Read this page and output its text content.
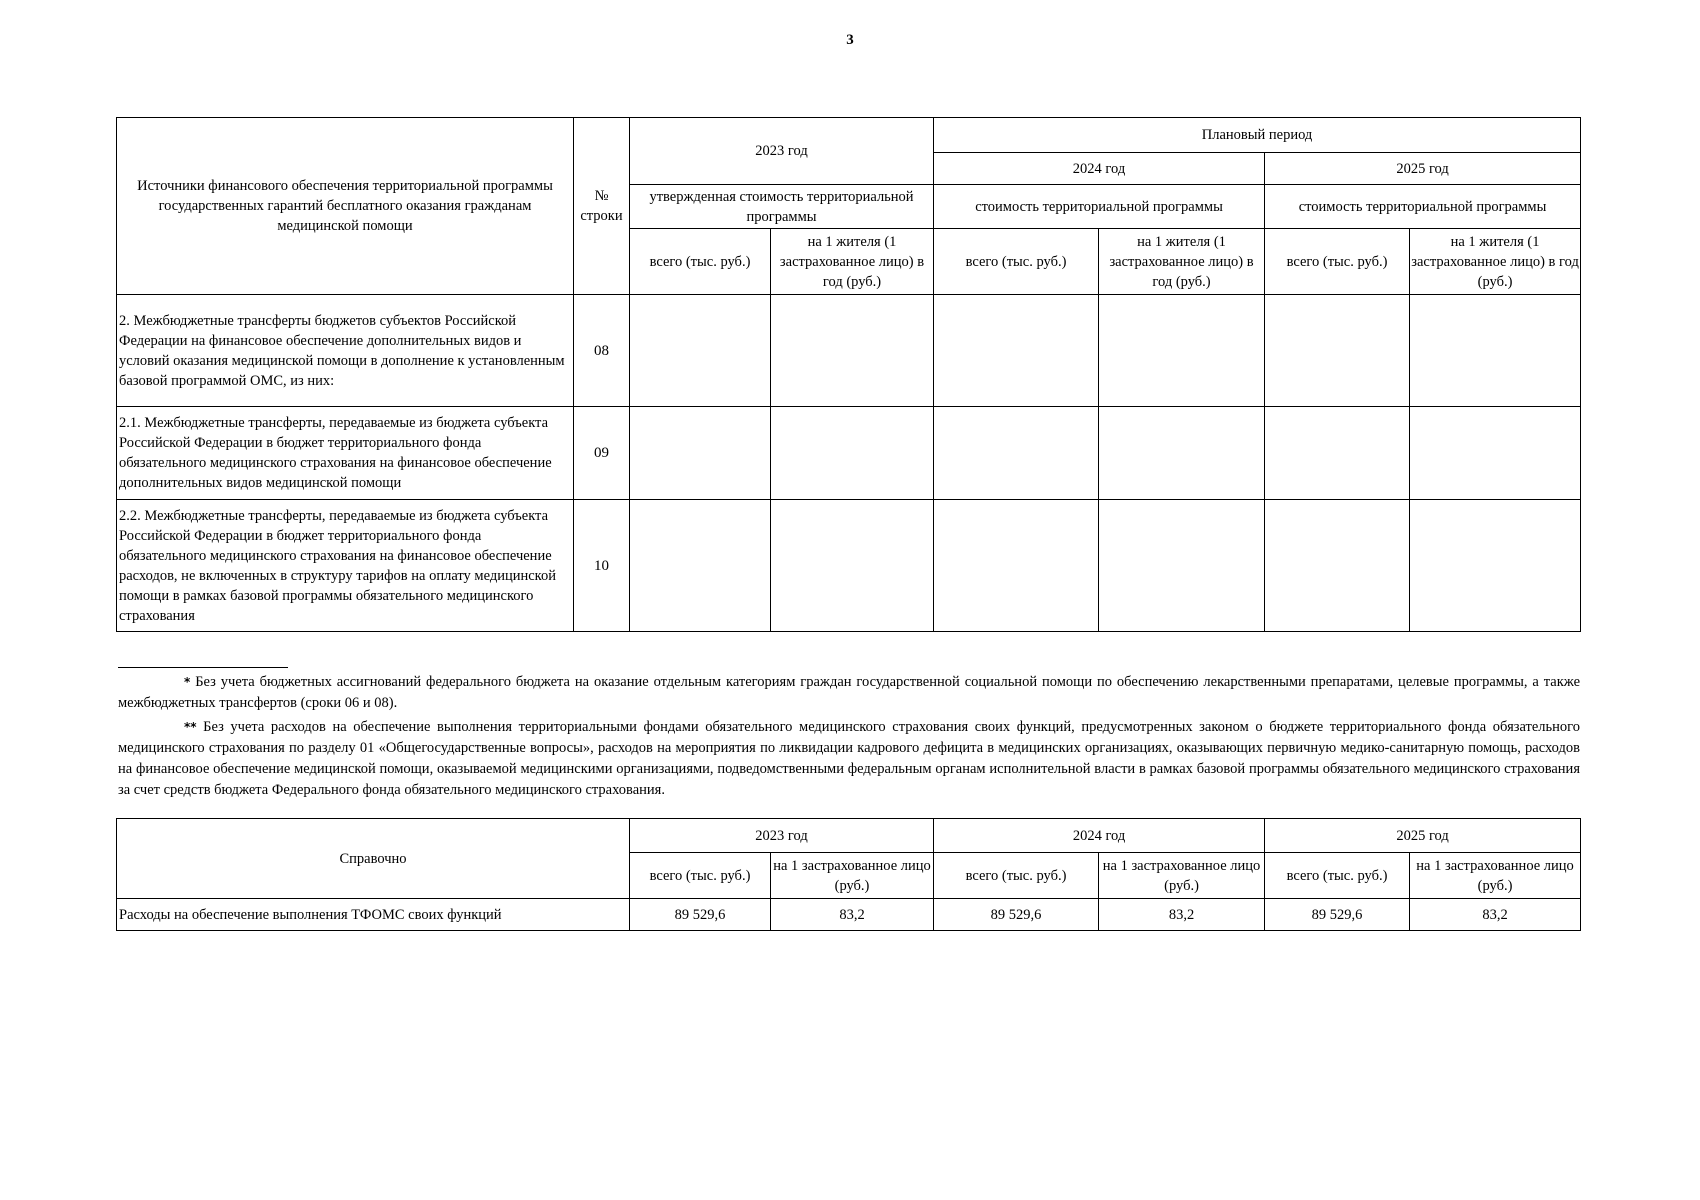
3
Источники финансового обеспечения территориальной программы государственных гарантий бесплатного оказания гражданам медицинской помощи	№ строки	2023 год		Плановый период			
				2024 год		2025 год	
		утвержденная стоимость территориальной программы		стоимость территориальной программы		стоимость территориальной программы	
		всего (тыс. руб.)	на 1 жителя (1 застрахованное лицо) в год (руб.)	всего (тыс. руб.)	на 1 жителя (1 застрахованное лицо) в год (руб.)	всего (тыс. руб.)	на 1 жителя (1 застрахованное лицо) в год (руб.)
2. Межбюджетные трансферты бюджетов субъектов Российской Федерации на финансовое обеспечение дополнительных видов и условий оказания медицинской помощи в дополнение к установленным базовой программой ОМС, из них:	08						
2.1. Межбюджетные трансферты, передаваемые из бюджета субъекта Российской Федерации в бюджет территориального фонда обязательного медицинского страхования на финансовое обеспечение дополнительных видов медицинской помощи	09						
2.2. Межбюджетные трансферты, передаваемые из бюджета субъекта Российской Федерации в бюджет территориального фонда обязательного медицинского страхования на финансовое обеспечение расходов, не включенных в структуру тарифов на оплату медицинской помощи в рамках базовой программы обязательного медицинского страхования	10						

* Без учета бюджетных ассигнований федерального бюджета на оказание отдельным категориям граждан государственной социальной помощи по обеспечению лекарственными препаратами, целевые программы, а также межбюджетных трансфертов (сроки 06 и 08).

** Без учета расходов на обеспечение выполнения территориальными фондами обязательного медицинского страхования своих функций, предусмотренных законом о бюджете территориального фонда обязательного медицинского страхования по разделу 01 «Общегосударственные вопросы», расходов на мероприятия по ликвидации кадрового дефицита в медицинских организациях, оказывающих первичную медико-санитарную помощь, расходов на финансовое обеспечение медицинской помощи, оказываемой медицинскими организациями, подведомственными федеральным органам исполнительной власти в рамках базовой программы обязательного медицинского страхования за счет средств бюджета Федерального фонда обязательного медицинского страхования.

Справочно	2023 год		2024 год		2025 год	
	всего (тыс. руб.)	на 1 застрахованное лицо (руб.)	всего (тыс. руб.)	на 1 застрахованное лицо (руб.)	всего (тыс. руб.)	на 1 застрахованное лицо (руб.)
Расходы на обеспечение выполнения ТФОМС своих функций	89 529,6	83,2	89 529,6	83,2	89 529,6	83,2
